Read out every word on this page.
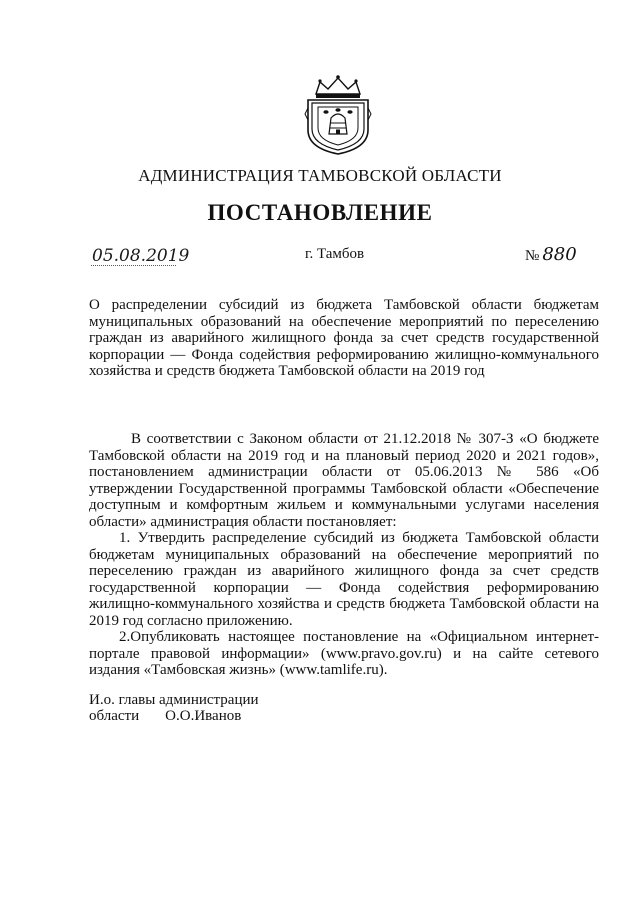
АДМИНИСТРАЦИЯ ТАМБОВСКОЙ ОБЛАСТИ
ПОСТАНОВЛЕНИЕ
05.08.2019	г. Тамбов	№ 880
О распределении субсидий из бюджета Тамбовской области бюджетам муниципальных образований на обеспечение мероприятий по переселению граждан из аварийного жилищного фонда за счет средств государственной корпорации — Фонда содействия реформированию жилищно-коммунального хозяйства и средств бюджета Тамбовской области на 2019 год

В соответствии с Законом области от 21.12.2018 № 307-З «О бюджете Тамбовской области на 2019 год и на плановый период 2020 и 2021 годов», постановлением администрации области от 05.06.2013 № 586 «Об утверждении Государственной программы Тамбовской области «Обеспечение доступным и комфортным жильем и коммунальными услугами населения области» администрация области постановляет:

1. Утвердить распределение субсидий из бюджета Тамбовской области бюджетам муниципальных образований на обеспечение мероприятий по переселению граждан из аварийного жилищного фонда за счет средств государственной корпорации — Фонда содействия реформированию жилищно-коммунального хозяйства и средств бюджета Тамбовской области на 2019 год согласно приложению.

2.Опубликовать настоящее постановление на «Официальном интернет-портале правовой информации» (www.pravo.gov.ru) и на сайте сетевого издания «Тамбовская жизнь» (www.tamlife.ru).

И.о. главы администрации
области О.О.Иванов
